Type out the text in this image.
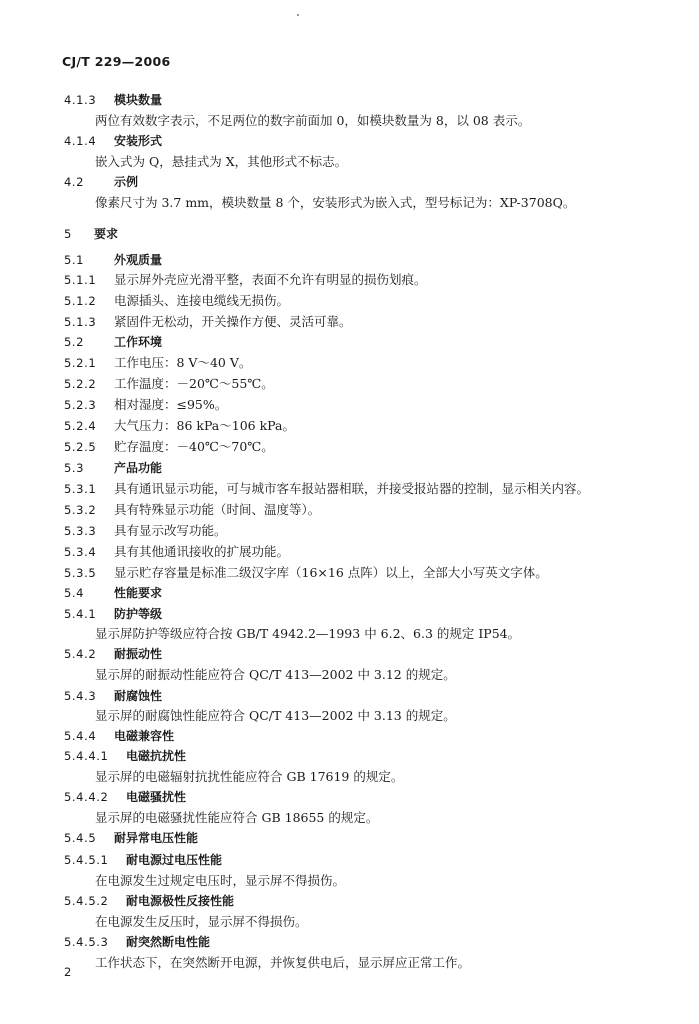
CJ/T 229—2006
4.1.3 模块数量
两位有效数字表示，不足两位的数字前面加 0，如模块数量为 8，以 08 表示。
4.1.4 安装形式
嵌入式为 Q，悬挂式为 X，其他形式不标志。
4.2 示例
像素尺寸为 3.7 mm，模块数量 8 个，安装形式为嵌入式，型号标记为：XP-3708Q。
5 要求
5.1 外观质量
5.1.1 显示屏外壳应光滑平整，表面不允许有明显的损伤划痕。
5.1.2 电源插头、连接电缆线无损伤。
5.1.3 紧固件无松动，开关操作方便、灵活可靠。
5.2 工作环境
5.2.1 工作电压：8 V～40 V。
5.2.2 工作温度：－20℃～55℃。
5.2.3 相对湿度：≤95%。
5.2.4 大气压力：86 kPa～106 kPa。
5.2.5 贮存温度：－40℃～70℃。
5.3 产品功能
5.3.1 具有通讯显示功能，可与城市客车报站器相联，并接受报站器的控制，显示相关内容。
5.3.2 具有特殊显示功能（时间、温度等）。
5.3.3 具有显示改写功能。
5.3.4 具有其他通讯接收的扩展功能。
5.3.5 显示贮存容量是标准二级汉字库（16×16 点阵）以上，全部大小写英文字体。
5.4 性能要求
5.4.1 防护等级
显示屏防护等级应符合按 GB/T 4942.2—1993 中 6.2、6.3 的规定 IP54。
5.4.2 耐振动性
显示屏的耐振动性能应符合 QC/T 413—2002 中 3.12 的规定。
5.4.3 耐腐蚀性
显示屏的耐腐蚀性能应符合 QC/T 413—2002 中 3.13 的规定。
5.4.4 电磁兼容性
5.4.4.1 电磁抗扰性
显示屏的电磁辐射抗扰性能应符合 GB 17619 的规定。
5.4.4.2 电磁骚扰性
显示屏的电磁骚扰性能应符合 GB 18655 的规定。
5.4.5 耐异常电压性能
5.4.5.1 耐电源过电压性能
在电源发生过规定电压时，显示屏不得损伤。
5.4.5.2 耐电源极性反接性能
在电源发生反压时，显示屏不得损伤。
5.4.5.3 耐突然断电性能
工作状态下，在突然断开电源，并恢复供电后，显示屏应正常工作。
2
